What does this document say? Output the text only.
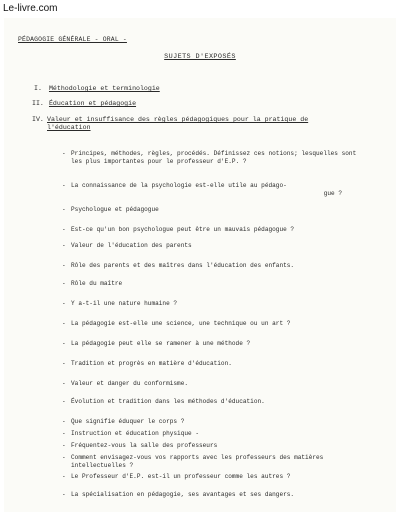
Le-livre.com
PÉDAGOGIE GÉNÉRALE - ORAL -
SUJETS D'EXPOSÉS
I. Méthodologie et terminologie
II. Éducation et pédagogie
IV. Valeur et insuffisance des règles pédagogiques pour la pratique de l'éducation
- Principes, méthodes, règles, procédés. Définissez ces notions; lesquelles sont les plus importantes pour le professeur d'E.P. ?
- La connaissance de la psychologie est-elle utile au pédago-
gue ?
- Psychologue et pédagogue
- Est-ce qu'un bon psychologue peut être un mauvais pédagogue ?
- Valeur de l'éducation des parents
- Rôle des parents et des maîtres dans l'éducation des enfants.
- Rôle du maître
- Y a-t-il une nature humaine ?
- La pédagogie est-elle une science, une technique ou un art ?
- La pédagogie peut elle se ramener à une méthode ?
- Tradition et progrès en matière d'éducation.
- Valeur et danger du conformisme.
- Évolution et tradition dans les méthodes d'éducation.
- Que signifie éduquer le corps ?
- Instruction et éducation physique -
- Fréquentez-vous la salle des professeurs
- Comment envisagez-vous vos rapports avec les professeurs des matières intellectuelles ?
- Le Professeur d'E.P. est-il un professeur comme les autres ?
- La spécialisation en pédagogie, ses avantages et ses dangers.
